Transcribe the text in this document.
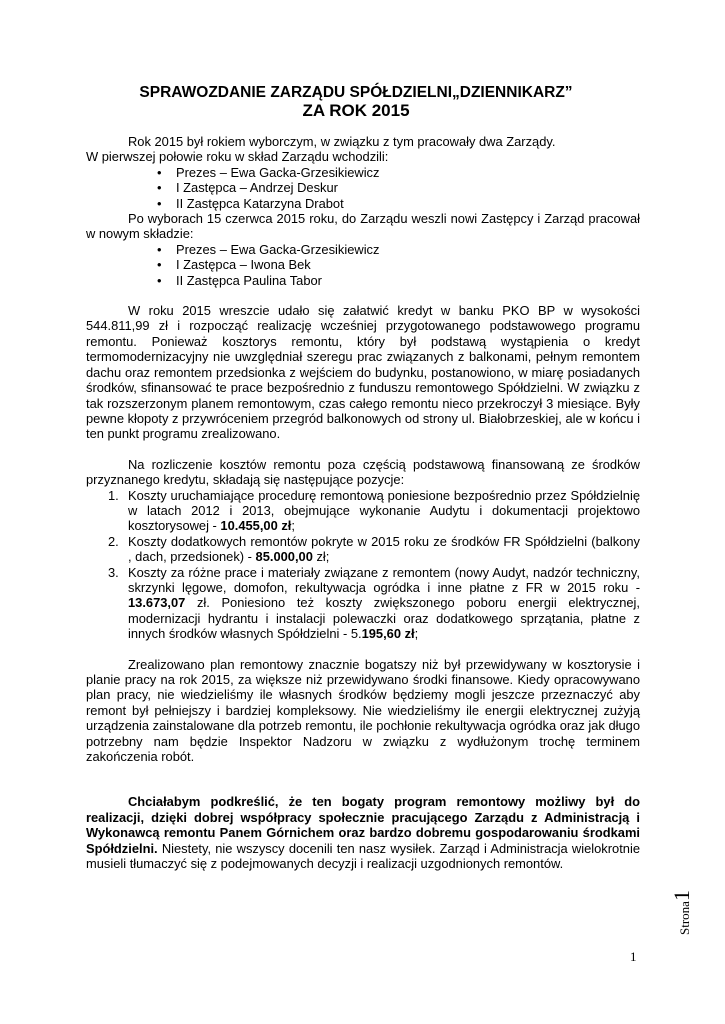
SPRAWOZDANIE ZARZĄDU SPÓŁDZIELNI„DZIENNIKARZ”

ZA ROK 2015

Rok 2015 był rokiem wyborczym, w związku z tym pracowały dwa Zarządy.

W pierwszej połowie roku w skład Zarządu wchodzili:

• Prezes – Ewa Gacka-Grzesikiewicz
• I Zastępca – Andrzej Deskur
• II Zastępca Katarzyna Drabot

Po wyborach 15 czerwca 2015 roku, do Zarządu weszli nowi Zastępcy i Zarząd pracował w nowym składzie:

• Prezes – Ewa Gacka-Grzesikiewicz
• I Zastępca – Iwona Bek
• II Zastępca Paulina Tabor

W roku 2015 wreszcie udało się załatwić kredyt w banku PKO BP w wysokości 544.811,99 zł i rozpocząć realizację wcześniej przygotowanego podstawowego programu remontu. Ponieważ kosztorys remontu, który był podstawą wystąpienia o kredyt termomodernizacyjny nie uwzględniał szeregu prac związanych z balkonami, pełnym remontem dachu oraz remontem przedsionka z wejściem do budynku, postanowiono, w miarę posiadanych środków, sfinansować te prace bezpośrednio z funduszu remontowego Spółdzielni. W związku z tak rozszerzonym planem remontowym, czas całego remontu nieco przekroczył 3 miesiące. Były pewne kłopoty z przywróceniem przegród balkonowych od strony ul. Białobrzeskiej, ale w końcu i ten punkt programu zrealizowano.

Na rozliczenie kosztów remontu poza częścią podstawową finansowaną ze środków przyznanego kredytu, składają się następujące pozycje:

1. Koszty uruchamiające procedurę remontową poniesione bezpośrednio przez Spółdzielnię w latach 2012 i 2013, obejmujące wykonanie Audytu i dokumentacji projektowo kosztorysowej - 10.455,00 zł;
2. Koszty dodatkowych remontów pokryte w 2015 roku ze środków FR Spółdzielni (balkony , dach, przedsionek) - 85.000,00 zł;
3. Koszty za różne prace i materiały związane z remontem (nowy Audyt, nadzór techniczny, skrzynki lęgowe, domofon, rekultywacja ogródka i inne płatne z FR w 2015 roku - 13.673,07 zł. Poniesiono też koszty zwiększonego poboru energii elektrycznej, modernizacji hydrantu i instalacji polewaczki oraz dodatkowego sprzątania, płatne z innych środków własnych Spółdzielni - 5.195,60 zł;

Zrealizowano plan remontowy znacznie bogatszy niż był przewidywany w kosztorysie i planie pracy na rok 2015, za większe niż przewidywano środki finansowe. Kiedy opracowywano plan pracy, nie wiedzieliśmy ile własnych środków będziemy mogli jeszcze przeznaczyć aby remont był pełniejszy i bardziej kompleksowy. Nie wiedzieliśmy ile energii elektrycznej zużyją urządzenia zainstalowane dla potrzeb remontu, ile pochłonie rekultywacja ogródka oraz jak długo potrzebny nam będzie Inspektor Nadzoru w związku z wydłużonym trochę terminem zakończenia robót.

Chciałabym podkreślić, że ten bogaty program remontowy możliwy był do realizacji, dzięki dobrej współpracy społecznie pracującego Zarządu z Administracją i Wykonawcą remontu Panem Górnichem oraz bardzo dobremu gospodarowaniu środkami Spółdzielni. Niestety, nie wszyscy docenili ten nasz wysiłek. Zarząd i Administracja wielokrotnie musieli tłumaczyć się z podejmowanych decyzji i realizacji uzgodnionych remontów.

Strona1
1
